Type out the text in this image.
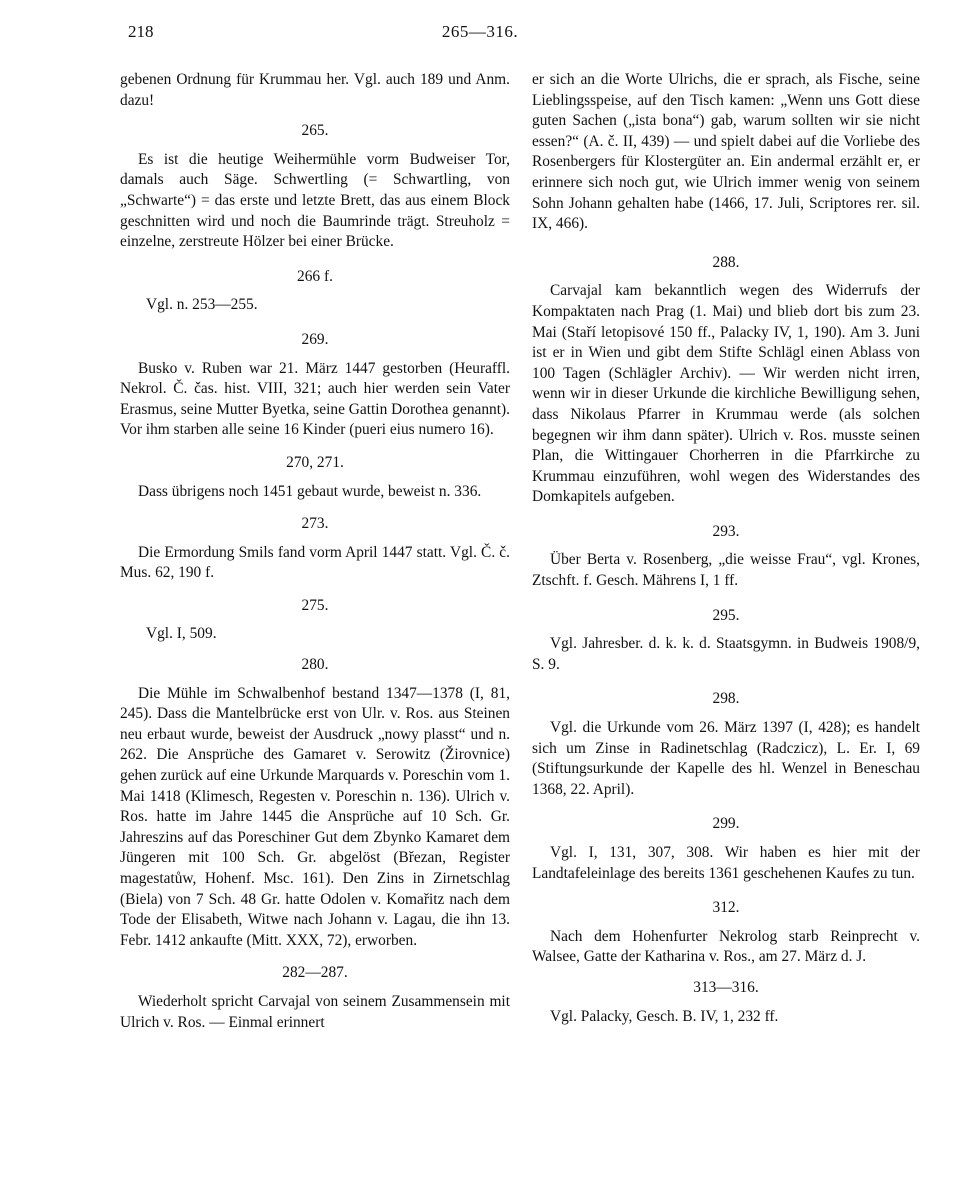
218	265—316.

gebenen Ordnung für Krummau her. Vgl. auch 189 und Anm. dazu!

265.

Es ist die heutige Weihermühle vorm Budweiser Tor, damals auch Säge. Schwertling (= Schwartling, von „Schwarte“) = das erste und letzte Brett, das aus einem Block geschnitten wird und noch die Baumrinde trägt. Streuholz = einzelne, zerstreute Hölzer bei einer Brücke.

266 f.

Vgl. n. 253—255.

269.

Busko v. Ruben war 21. März 1447 gestorben (Heuraffl. Nekrol. Č. čas. hist. VIII, 321; auch hier werden sein Vater Erasmus, seine Mutter Byetka, seine Gattin Dorothea genannt). Vor ihm starben alle seine 16 Kinder (pueri eius numero 16).

270, 271.

Dass übrigens noch 1451 gebaut wurde, beweist n. 336.

273.

Die Ermordung Smils fand vorm April 1447 statt. Vgl. Č. č. Mus. 62, 190 f.

275.

Vgl. I, 509.

280.

Die Mühle im Schwalbenhof bestand 1347—1378 (I, 81, 245). Dass die Mantelbrücke erst von Ulr. v. Ros. aus Steinen neu erbaut wurde, beweist der Ausdruck „nowy plasst“ und n. 262. Die Ansprüche des Gamaret v. Serowitz (Žirovnice) gehen zurück auf eine Urkunde Marquards v. Poreschin vom 1. Mai 1418 (Klimesch, Regesten v. Poreschin n. 136). Ulrich v. Ros. hatte im Jahre 1445 die Ansprüche auf 10 Sch. Gr. Jahreszins auf das Poreschiner Gut dem Zbynko Kamaret dem Jüngeren mit 100 Sch. Gr. abgelöst (Březan, Register magestatůw, Hohenf. Msc. 161). Den Zins in Zirnetschlag (Biela) von 7 Sch. 48 Gr. hatte Odolen v. Komařitz nach dem Tode der Elisabeth, Witwe nach Johann v. Lagau, die ihn 13. Febr. 1412 ankaufte (Mitt. XXX, 72), erworben.

282—287.

Wiederholt spricht Carvajal von seinem Zusammensein mit Ulrich v. Ros. — Einmal erinnert

er sich an die Worte Ulrichs, die er sprach, als Fische, seine Lieblingsspeise, auf den Tisch kamen: „Wenn uns Gott diese guten Sachen („ista bona“) gab, warum sollten wir sie nicht essen?“ (A. č. II, 439) — und spielt dabei auf die Vorliebe des Rosenbergers für Klostergüter an. Ein andermal erzählt er, er erinnere sich noch gut, wie Ulrich immer wenig von seinem Sohn Johann gehalten habe (1466, 17. Juli, Scriptores rer. sil. IX, 466).

288.

Carvajal kam bekanntlich wegen des Widerrufs der Kompaktaten nach Prag (1. Mai) und blieb dort bis zum 23. Mai (Staří letopisové 150 ff., Palacky IV, 1, 190). Am 3. Juni ist er in Wien und gibt dem Stifte Schlägl einen Ablass von 100 Tagen (Schlägler Archiv). — Wir werden nicht irren, wenn wir in dieser Urkunde die kirchliche Bewilligung sehen, dass Nikolaus Pfarrer in Krummau werde (als solchen begegnen wir ihm dann später). Ulrich v. Ros. musste seinen Plan, die Wittingauer Chorherren in die Pfarrkirche zu Krummau einzuführen, wohl wegen des Widerstandes des Domkapitels aufgeben.

293.

Über Berta v. Rosenberg, „die weisse Frau“, vgl. Krones, Ztschft. f. Gesch. Mährens I, 1 ff.

295.

Vgl. Jahresber. d. k. k. d. Staatsgymn. in Budweis 1908/9, S. 9.

298.

Vgl. die Urkunde vom 26. März 1397 (I, 428); es handelt sich um Zinse in Radinetschlag (Radczicz), L. Er. I, 69 (Stiftungsurkunde der Kapelle des hl. Wenzel in Beneschau 1368, 22. April).

299.

Vgl. I, 131, 307, 308. Wir haben es hier mit der Landtafeleinlage des bereits 1361 geschehenen Kaufes zu tun.

312.

Nach dem Hohenfurter Nekrolog starb Reinprecht v. Walsee, Gatte der Katharina v. Ros., am 27. März d. J.

313—316.

Vgl. Palacky, Gesch. B. IV, 1, 232 ff.
